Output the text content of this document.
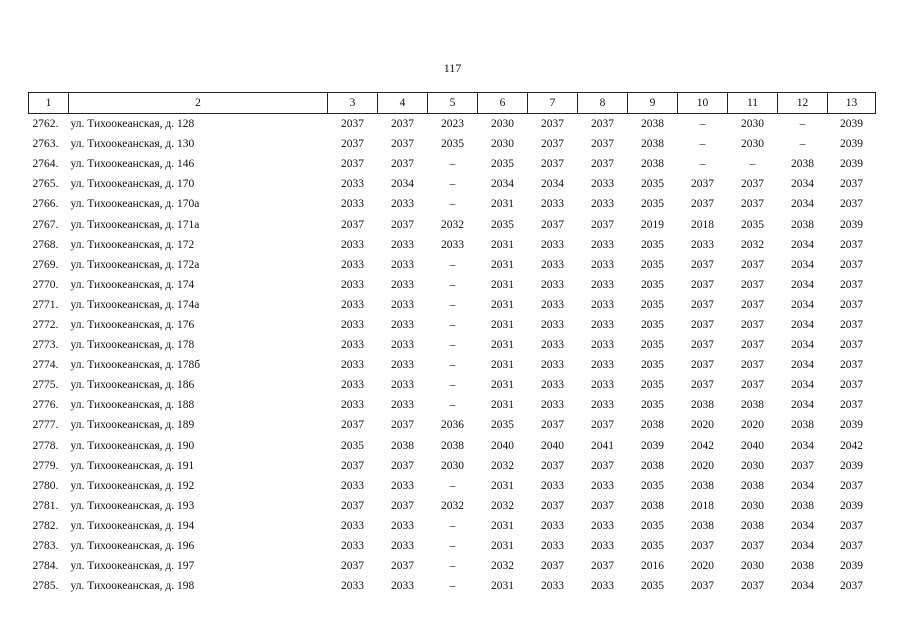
117
1	2	3	4	5	6	7	8	9	10	11	12	13
2762.	ул. Тихоокеанская, д. 128	2037	2037	2023	2030	2037	2037	2038	–	2030	–	2039
2763.	ул. Тихоокеанская, д. 130	2037	2037	2035	2030	2037	2037	2038	–	2030	–	2039
2764.	ул. Тихоокеанская, д. 146	2037	2037	–	2035	2037	2037	2038	–	–	2038	2039
2765.	ул. Тихоокеанская, д. 170	2033	2034	–	2034	2034	2033	2035	2037	2037	2034	2037
2766.	ул. Тихоокеанская, д. 170а	2033	2033	–	2031	2033	2033	2035	2037	2037	2034	2037
2767.	ул. Тихоокеанская, д. 171а	2037	2037	2032	2035	2037	2037	2019	2018	2035	2038	2039
2768.	ул. Тихоокеанская, д. 172	2033	2033	2033	2031	2033	2033	2035	2033	2032	2034	2037
2769.	ул. Тихоокеанская, д. 172а	2033	2033	–	2031	2033	2033	2035	2037	2037	2034	2037
2770.	ул. Тихоокеанская, д. 174	2033	2033	–	2031	2033	2033	2035	2037	2037	2034	2037
2771.	ул. Тихоокеанская, д. 174а	2033	2033	–	2031	2033	2033	2035	2037	2037	2034	2037
2772.	ул. Тихоокеанская, д. 176	2033	2033	–	2031	2033	2033	2035	2037	2037	2034	2037
2773.	ул. Тихоокеанская, д. 178	2033	2033	–	2031	2033	2033	2035	2037	2037	2034	2037
2774.	ул. Тихоокеанская, д. 178б	2033	2033	–	2031	2033	2033	2035	2037	2037	2034	2037
2775.	ул. Тихоокеанская, д. 186	2033	2033	–	2031	2033	2033	2035	2037	2037	2034	2037
2776.	ул. Тихоокеанская, д. 188	2033	2033	–	2031	2033	2033	2035	2038	2038	2034	2037
2777.	ул. Тихоокеанская, д. 189	2037	2037	2036	2035	2037	2037	2038	2020	2020	2038	2039
2778.	ул. Тихоокеанская, д. 190	2035	2038	2038	2040	2040	2041	2039	2042	2040	2034	2042
2779.	ул. Тихоокеанская, д. 191	2037	2037	2030	2032	2037	2037	2038	2020	2030	2037	2039
2780.	ул. Тихоокеанская, д. 192	2033	2033	–	2031	2033	2033	2035	2038	2038	2034	2037
2781.	ул. Тихоокеанская, д. 193	2037	2037	2032	2032	2037	2037	2038	2018	2030	2038	2039
2782.	ул. Тихоокеанская, д. 194	2033	2033	–	2031	2033	2033	2035	2038	2038	2034	2037
2783.	ул. Тихоокеанская, д. 196	2033	2033	–	2031	2033	2033	2035	2037	2037	2034	2037
2784.	ул. Тихоокеанская, д. 197	2037	2037	–	2032	2037	2037	2016	2020	2030	2038	2039
2785.	ул. Тихоокеанская, д. 198	2033	2033	–	2031	2033	2033	2035	2037	2037	2034	2037
